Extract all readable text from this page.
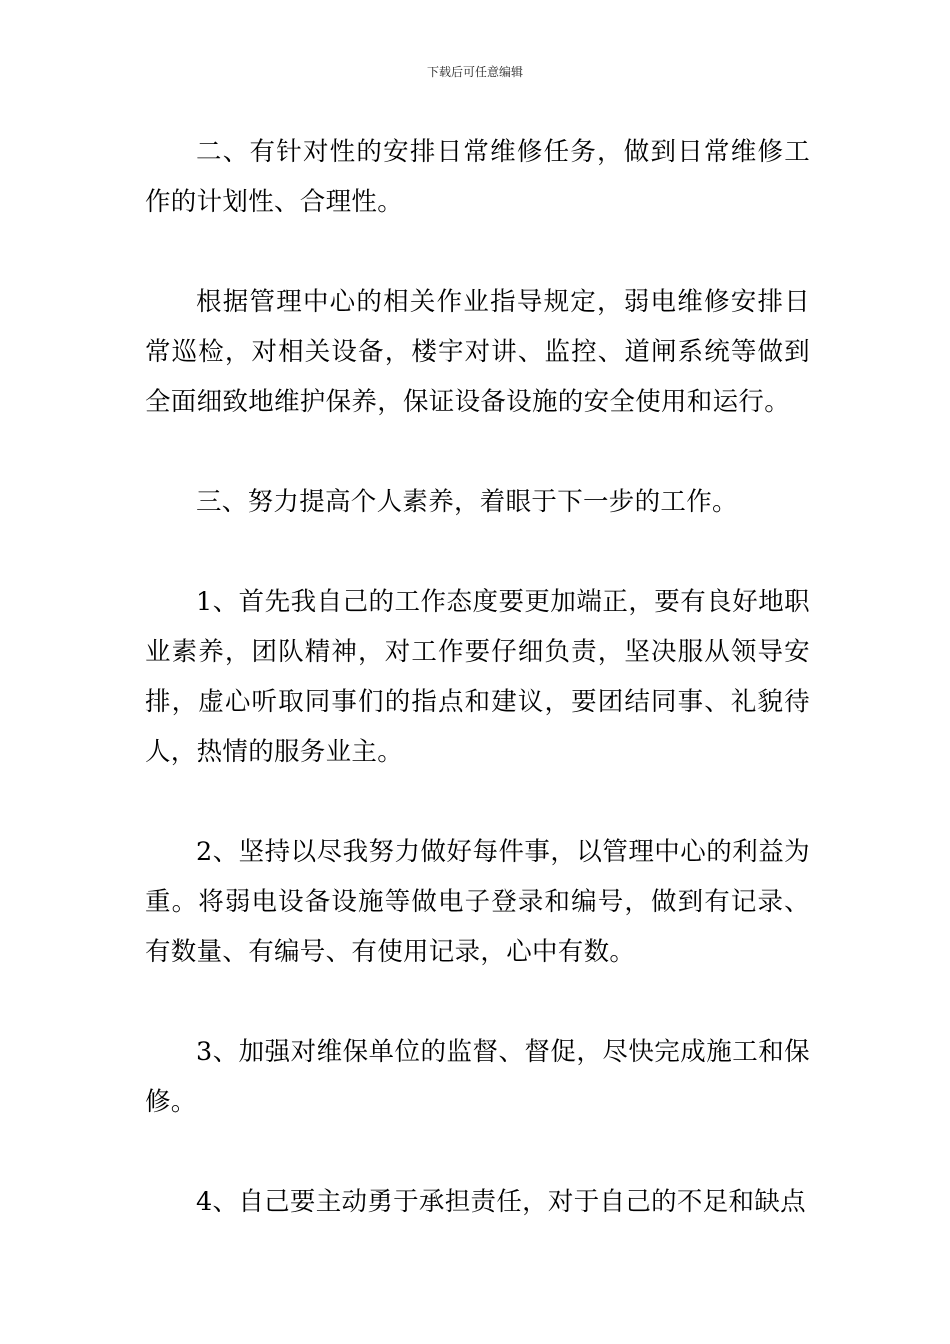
下载后可任意编辑

二、有针对性的安排日常维修任务，做到日常维修工作的计划性、合理性。

根据管理中心的相关作业指导规定，弱电维修安排日常巡检，对相关设备，楼宇对讲、监控、道闸系统等做到全面细致地维护保养，保证设备设施的安全使用和运行。

三、努力提高个人素养，着眼于下一步的工作。

1、首先我自己的工作态度要更加端正，要有良好地职业素养，团队精神，对工作要仔细负责，坚决服从领导安排，虚心听取同事们的指点和建议，要团结同事、礼貌待人，热情的服务业主。

2、坚持以尽我努力做好每件事，以管理中心的利益为重。将弱电设备设施等做电子登录和编号，做到有记录、有数量、有编号、有使用记录，心中有数。

3、加强对维保单位的监督、督促，尽快完成施工和保修。

4、自己要主动勇于承担责任，对于自己的不足和缺点
